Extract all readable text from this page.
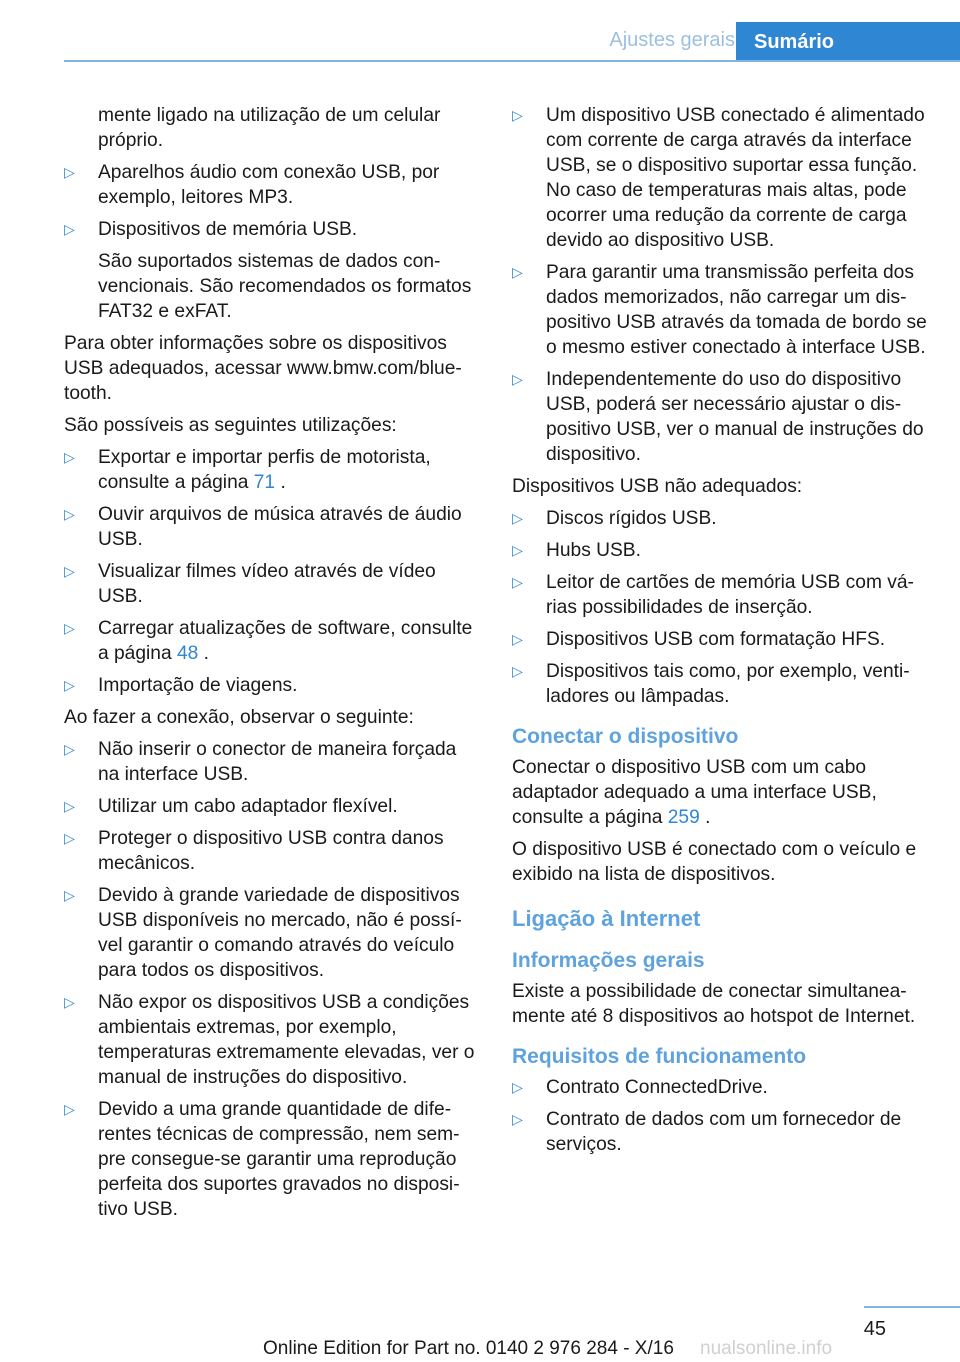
Ajustes gerais Sumário

mente ligado na utilização de um celular próprio.

▷ Aparelhos áudio com conexão USB, por exemplo, leitores MP3.
▷ Dispositivos de memória USB.

São suportados sistemas de dados convencionais. São recomendados os formatos FAT32 e exFAT.

Para obter informações sobre os dispositivos USB adequados, acessar www.bmw.com/bluetooth.

São possíveis as seguintes utilizações:

▷ Exportar e importar perfis de motorista, consulte a página 71 .
▷ Ouvir arquivos de música através de áudio USB.
▷ Visualizar filmes vídeo através de vídeo USB.
▷ Carregar atualizações de software, consulte a página 48 .
▷ Importação de viagens.

Ao fazer a conexão, observar o seguinte:

▷ Não inserir o conector de maneira forçada na interface USB.
▷ Utilizar um cabo adaptador flexível.
▷ Proteger o dispositivo USB contra danos mecânicos.
▷ Devido à grande variedade de dispositivos USB disponíveis no mercado, não é possível garantir o comando através do veículo para todos os dispositivos.
▷ Não expor os dispositivos USB a condições ambientais extremas, por exemplo, temperaturas extremamente elevadas, ver o manual de instruções do dispositivo.
▷ Devido a uma grande quantidade de diferentes técnicas de compressão, nem sempre consegue-se garantir uma reprodução perfeita dos suportes gravados no dispositivo USB.
▷ Um dispositivo USB conectado é alimentado com corrente de carga através da interface USB, se o dispositivo suportar essa função. No caso de temperaturas mais altas, pode ocorrer uma redução da corrente de carga devido ao dispositivo USB.
▷ Para garantir uma transmissão perfeita dos dados memorizados, não carregar um dispositivo USB através da tomada de bordo se o mesmo estiver conectado à interface USB.
▷ Independentemente do uso do dispositivo USB, poderá ser necessário ajustar o dispositivo USB, ver o manual de instruções do dispositivo.

Dispositivos USB não adequados:

▷ Discos rígidos USB.
▷ Hubs USB.
▷ Leitor de cartões de memória USB com várias possibilidades de inserção.
▷ Dispositivos USB com formatação HFS.
▷ Dispositivos tais como, por exemplo, ventiladores ou lâmpadas.
Conectar o dispositivo

Conectar o dispositivo USB com um cabo adaptador adequado a uma interface USB, consulte a página 259 .

O dispositivo USB é conectado com o veículo e exibido na lista de dispositivos.

Ligação à Internet
Informações gerais

Existe a possibilidade de conectar simultaneamente até 8 dispositivos ao hotspot de Internet.

Requisitos de funcionamento
▷ Contrato ConnectedDrive.
▷ Contrato de dados com um fornecedor de serviços.
45
Online Edition for Part no. 0140 2 976 284 - X/16 nualsonline.info
